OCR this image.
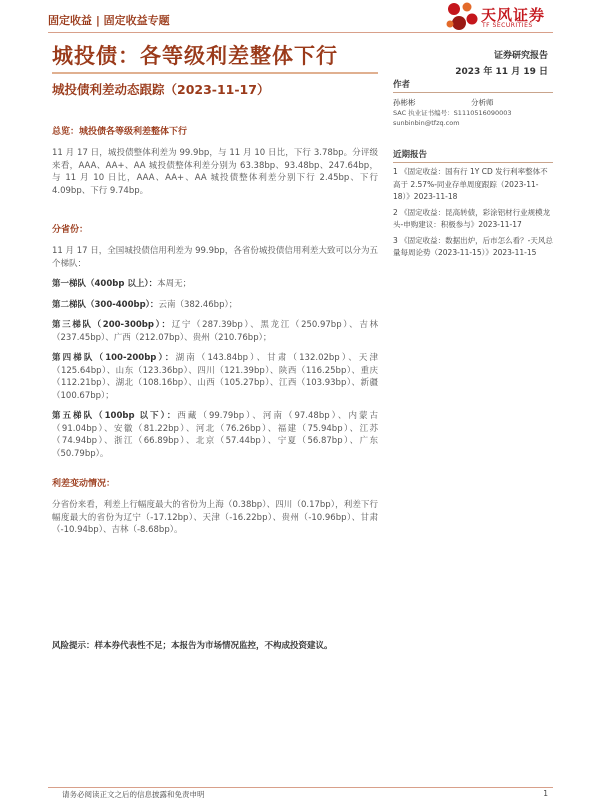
固定收益 | 固定收益专题	天风证券
TF SECURITIES
城投债：各等级利差整体下行	证券研究报告
2023 年 11 月 19 日
城投债利差动态跟踪（2023-11-17）	作者
孙彬彬	分析师
SAC 执业证书编号：S1110516090003
sunbinbin@tfzq.com
近期报告
1 《固定收益：国有行 1Y CD 发行利率整体不高于 2.57%-同业存单周度跟踪（2023-11-18）》2023-11-18
2 《固定收益：昆高转债，彩涂铝材行业规模龙头-申购建议：积极参与》2023-11-17
3 《固定收益：数据出炉，后市怎么看？-天风总量每周论势（2023-11-15）》2023-11-15
总览：城投债各等级利差整体下行
11 月 17 日，城投债整体利差为 99.9bp，与 11 月 10 日比，下行 3.78bp。分评级来看，AAA、AA+、AA 城投债整体利差分别为 63.38bp、93.48bp、247.64bp，与 11 月 10 日比，AAA、AA+、AA 城投债整体利差分别下行 2.45bp、下行 4.09bp、下行 9.74bp。
分省份：
11 月 17 日，全国城投债信用利差为 99.9bp，各省份城投债信用利差大致可以分为五个梯队：
第一梯队（400bp 以上）：本周无；
第二梯队（300-400bp）：云南（382.46bp）；
第三梯队（200-300bp）：辽宁（287.39bp）、黑龙江（250.97bp）、吉林（237.45bp）、广西（212.07bp）、贵州（210.76bp）；
第四梯队（100-200bp）：湖南（143.84bp）、甘肃（132.02bp）、天津（125.64bp）、山东（123.36bp）、四川（121.39bp）、陕西（116.25bp）、重庆（112.21bp）、湖北（108.16bp）、山西（105.27bp）、江西（103.93bp）、新疆（100.67bp）；
第五梯队（100bp 以下）：西藏（99.79bp）、河南（97.48bp）、内蒙古（91.04bp）、安徽（81.22bp）、河北（76.26bp）、福建（75.94bp）、江苏（74.94bp）、浙江（66.89bp）、北京（57.44bp）、宁夏（56.87bp）、广东（50.79bp）。
利差变动情况：
分省份来看，利差上行幅度最大的省份为上海（0.38bp）、四川（0.17bp），利差下行幅度最大的省份为辽宁（-17.12bp）、天津（-16.22bp）、贵州（-10.96bp）、甘肃（-10.94bp）、吉林（-8.68bp）。
风险提示：样本券代表性不足；本报告为市场情况监控，不构成投资建议。
请务必阅读正文之后的信息披露和免责申明	1
